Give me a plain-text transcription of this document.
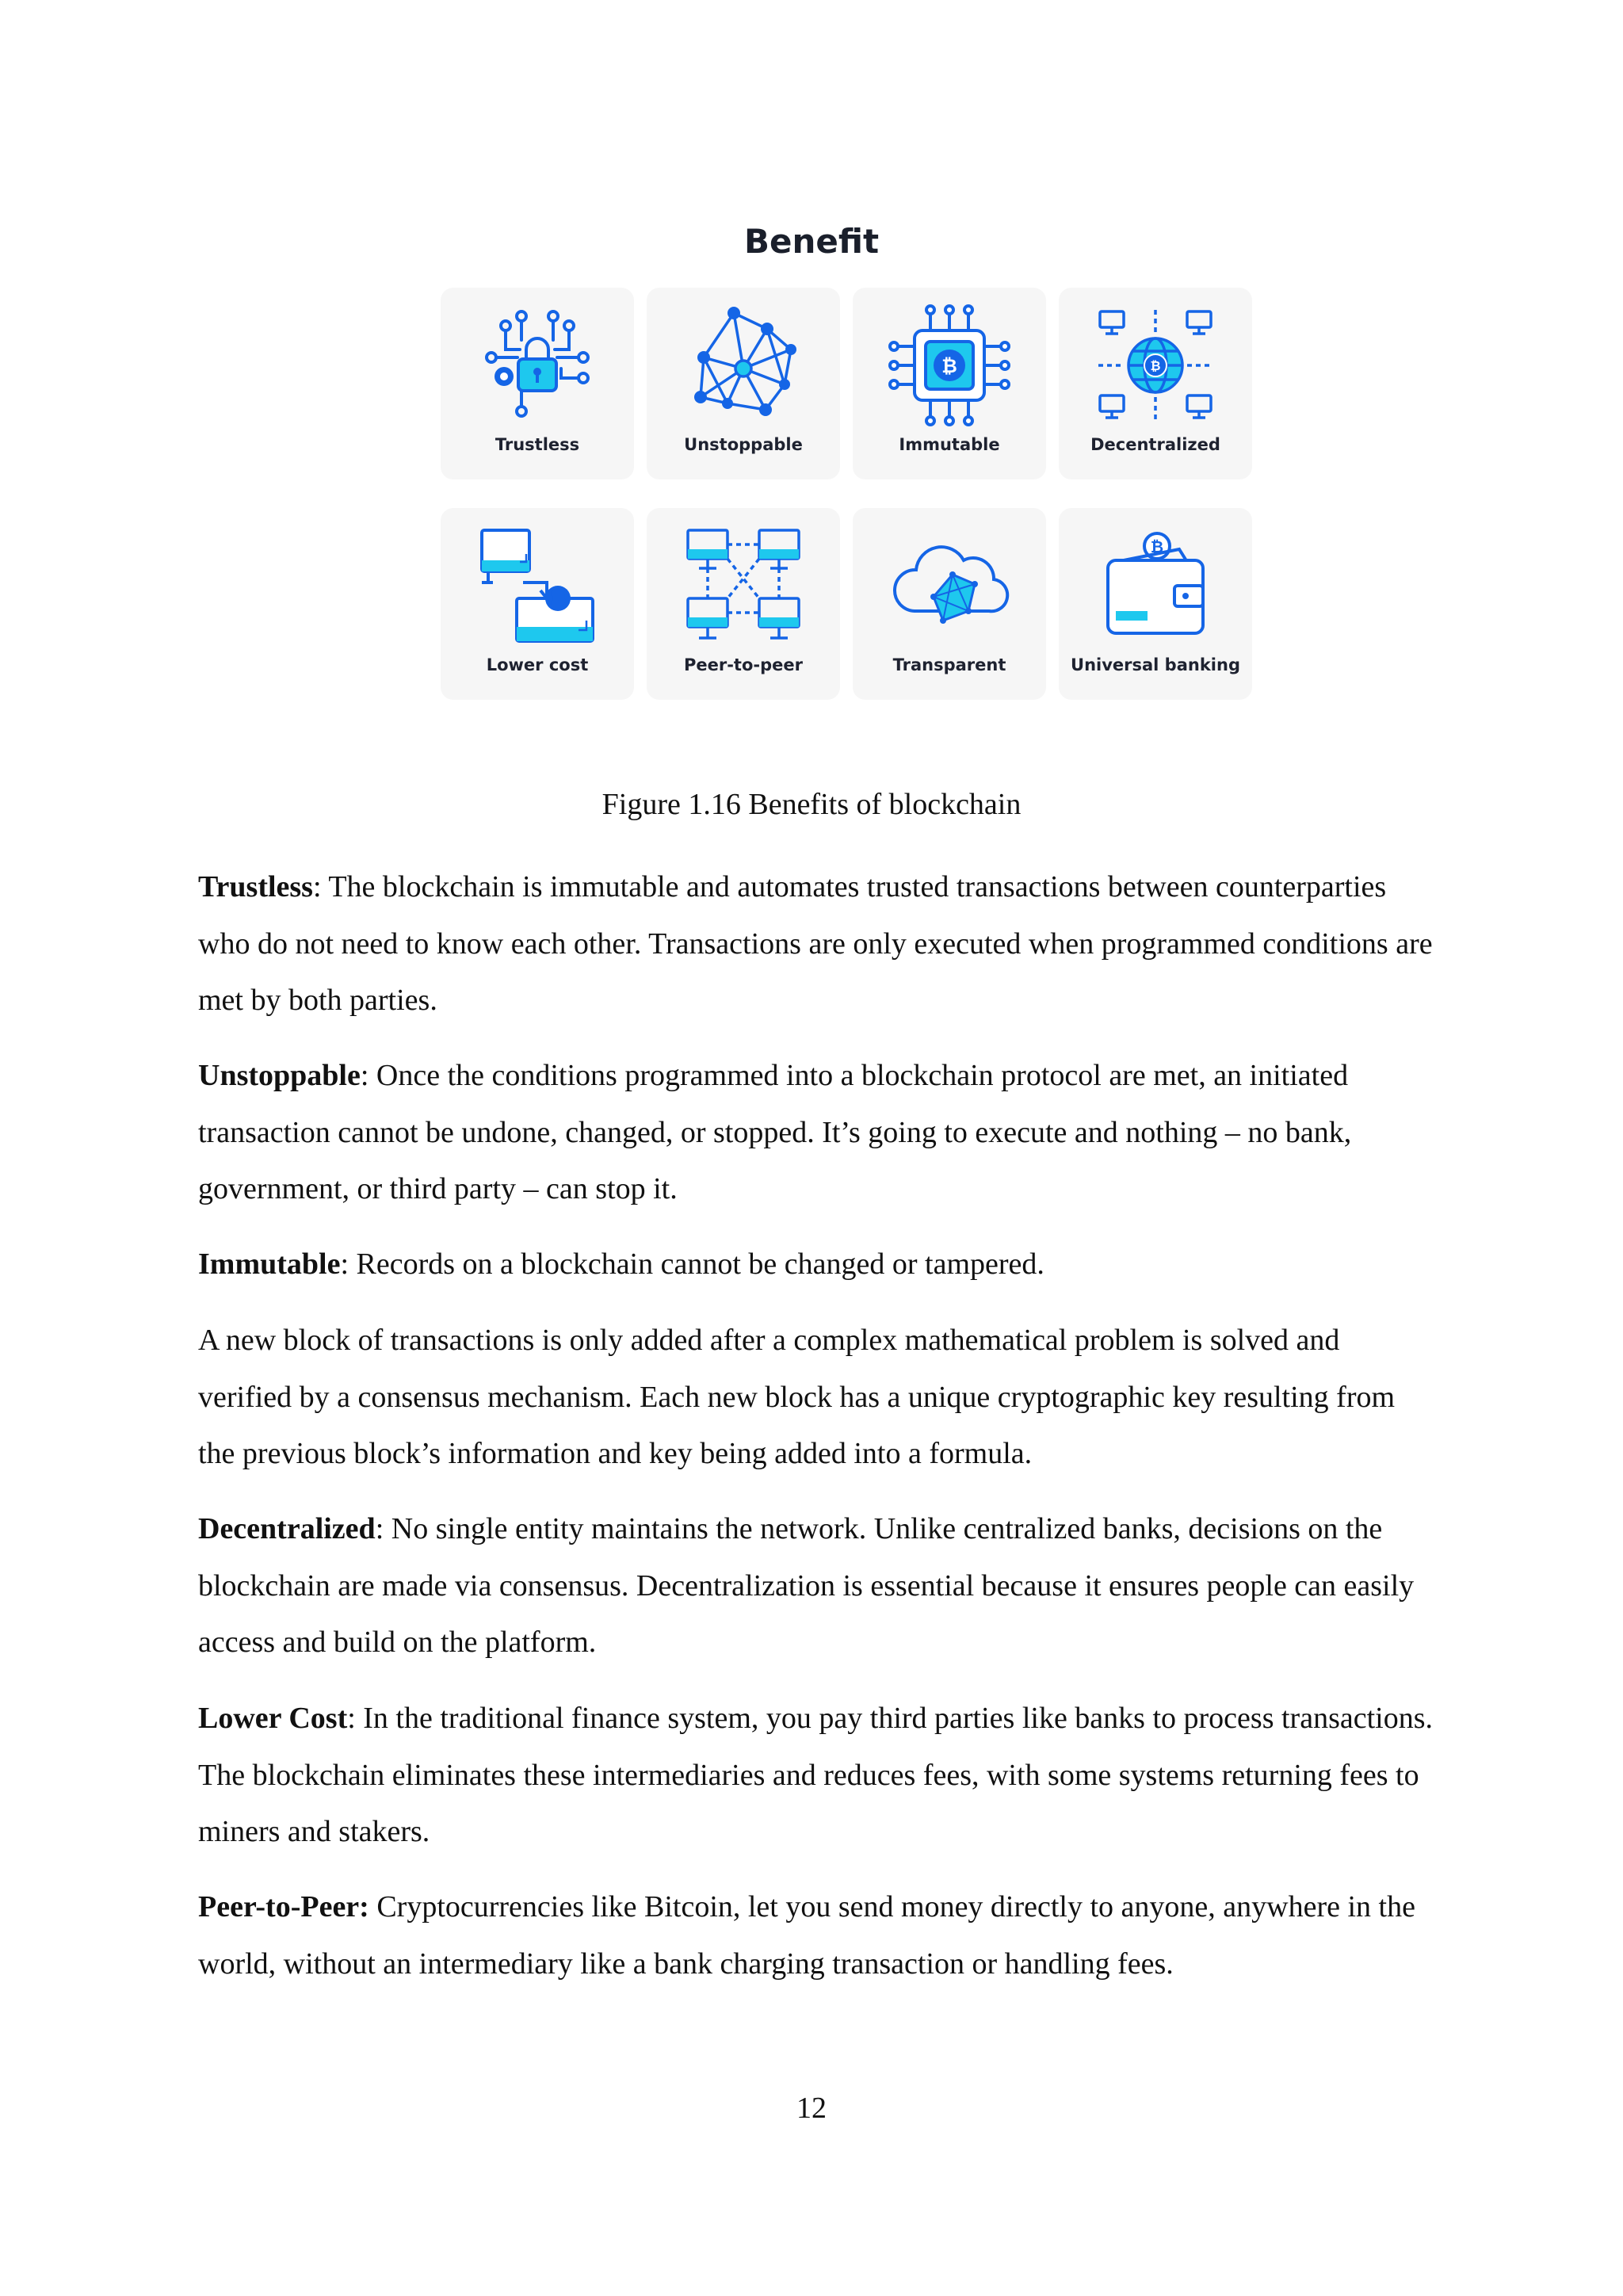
Benefit
Trustless	Unstoppable
₿
Immutable
₿
Decentralized
₿
Lower cost	Peer-to-peer	Transparent
₿
Universal banking
Figure 1.16 Benefits of blockchain

Trustless: The blockchain is immutable and automates trusted transactions between counterparties who do not need to know each other. Transactions are only executed when programmed conditions are met by both parties.

Unstoppable: Once the conditions programmed into a blockchain protocol are met, an initiated transaction cannot be undone, changed, or stopped. It’s going to execute and nothing – no bank, government, or third party – can stop it.

Immutable: Records on a blockchain cannot be changed or tampered.

A new block of transactions is only added after a complex mathematical problem is solved and verified by a consensus mechanism. Each new block has a unique cryptographic key resulting from the previous block’s information and key being added into a formula.

Decentralized: No single entity maintains the network. Unlike centralized banks, decisions on the blockchain are made via consensus. Decentralization is essential because it ensures people can easily access and build on the platform.

Lower Cost: In the traditional finance system, you pay third parties like banks to process transactions. The blockchain eliminates these intermediaries and reduces fees, with some systems returning fees to miners and stakers.

Peer-to-Peer: Cryptocurrencies like Bitcoin, let you send money directly to anyone, anywhere in the world, without an intermediary like a bank charging transaction or handling fees.

12
